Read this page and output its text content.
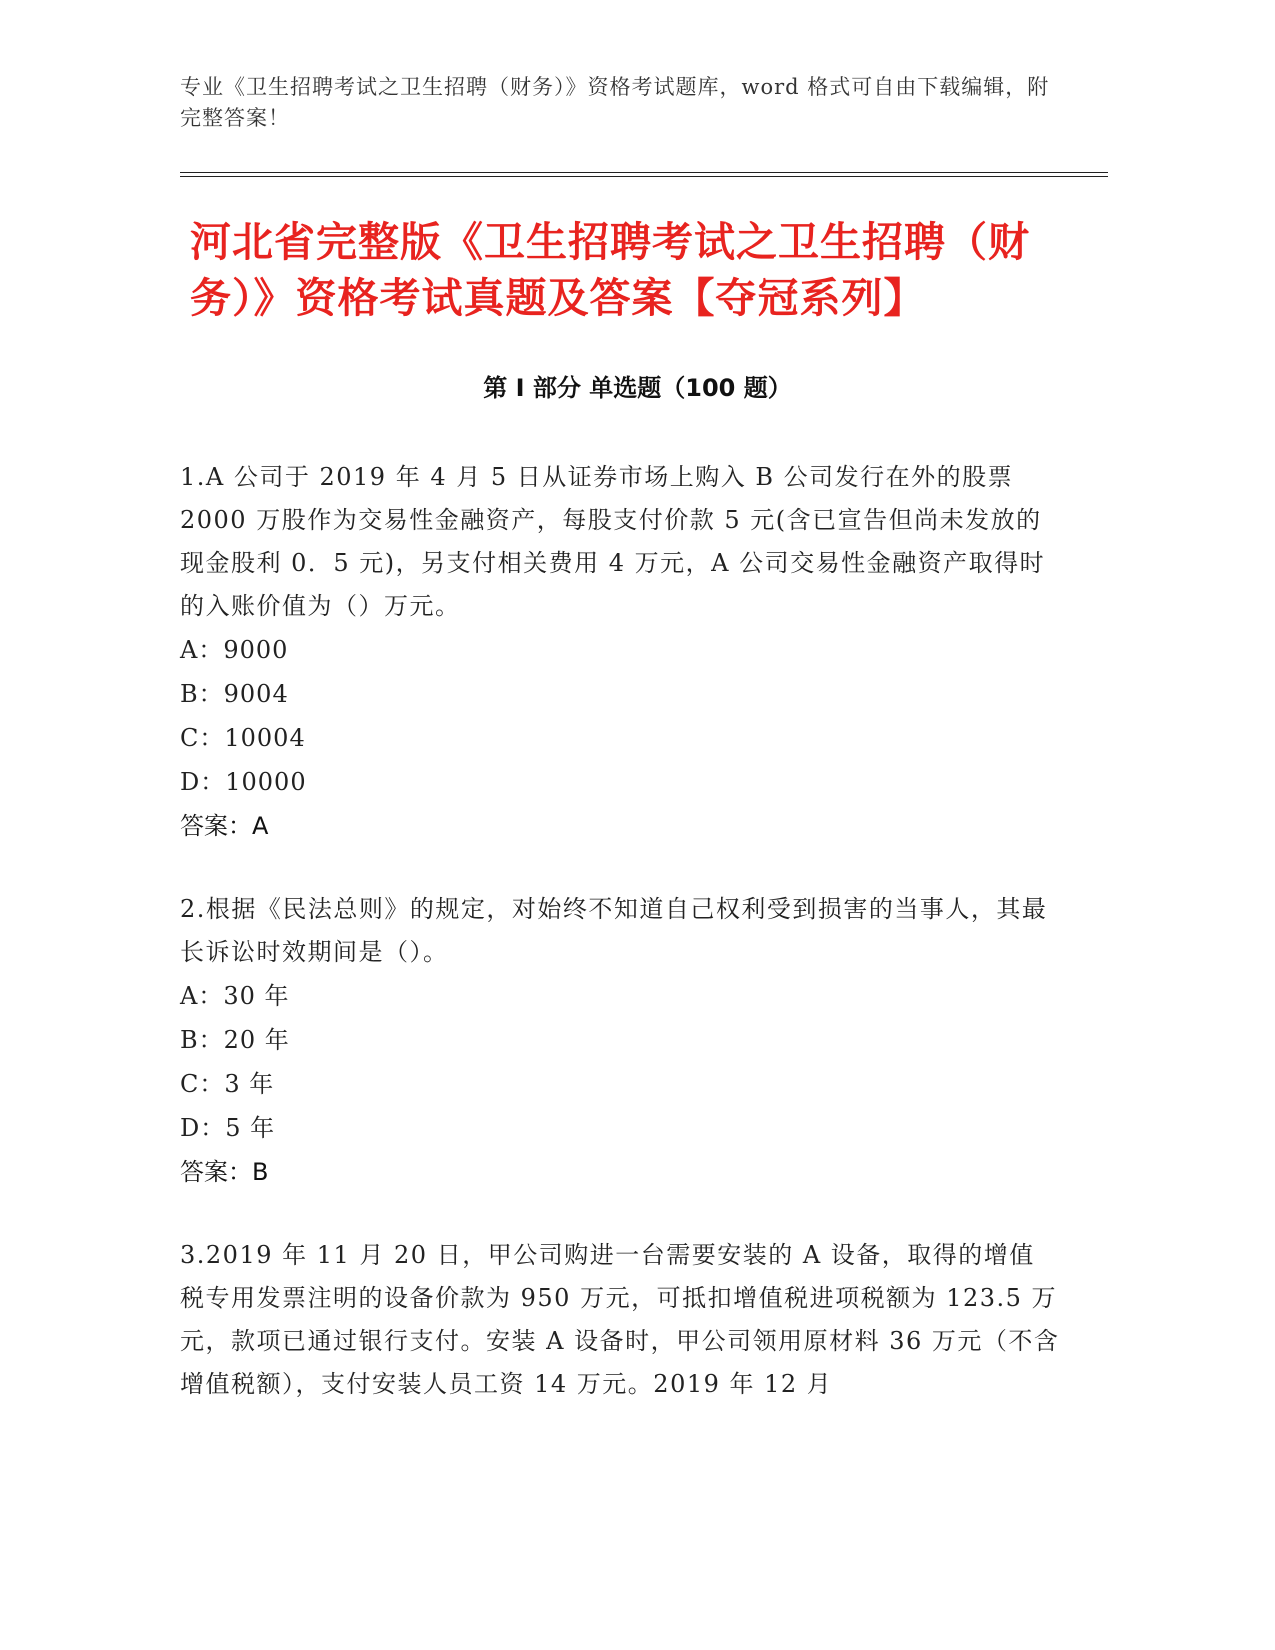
专业《卫生招聘考试之卫生招聘（财务）》资格考试题库，word 格式可自由下载编辑，附完整答案！
河北省完整版《卫生招聘考试之卫生招聘（财务）》资格考试真题及答案【夺冠系列】
第 I 部分 单选题（100 题）

1.A 公司于 2019 年 4 月 5 日从证券市场上购入 B 公司发行在外的股票 2000 万股作为交易性金融资产，每股支付价款 5 元(含已宣告但尚未发放的现金股利 0．5 元)，另支付相关费用 4 万元，A 公司交易性金融资产取得时的入账价值为（）万元。

A：9000

B：9004

C：10004

D：10000

答案：A

2.根据《民法总则》的规定，对始终不知道自己权利受到损害的当事人，其最长诉讼时效期间是（）。

A：30 年

B：20 年

C：3 年

D：5 年

答案：B

3.2019 年 11 月 20 日，甲公司购进一台需要安装的 A 设备，取得的增值税专用发票注明的设备价款为 950 万元，可抵扣增值税进项税额为 123.5 万元，款项已通过银行支付。安装 A 设备时，甲公司领用原材料 36 万元（不含增值税额），支付安装人员工资 14 万元。2019 年 12 月
